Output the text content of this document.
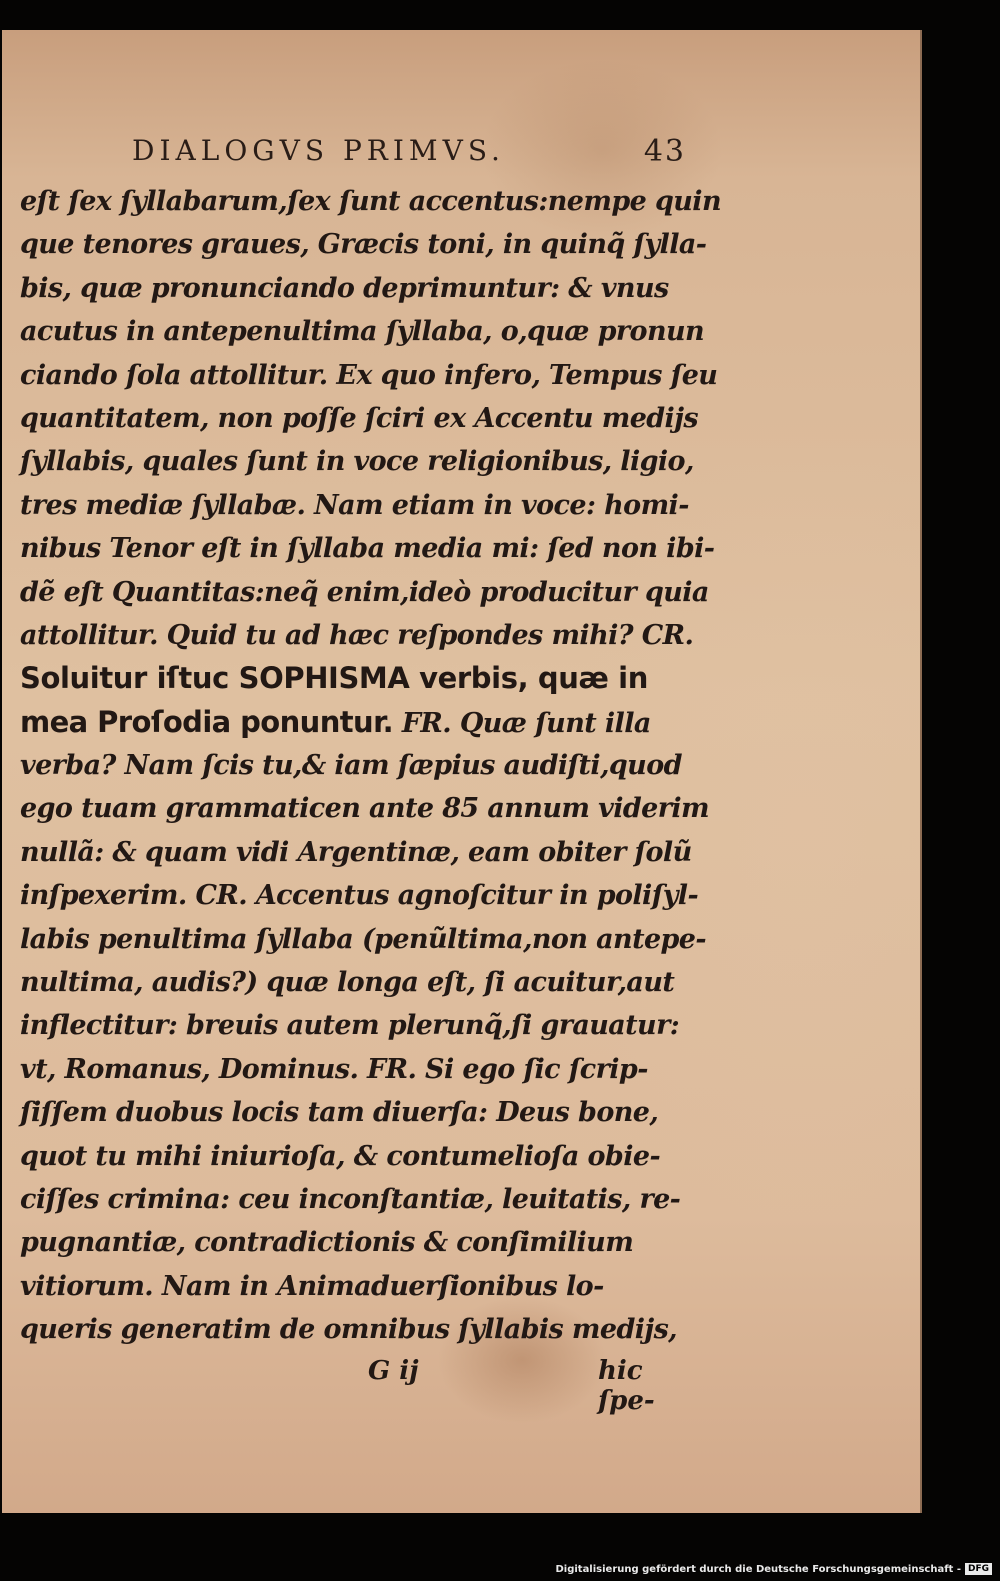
DIALOGVS PRIMVS.	43
eſt ſex ſyllabarum,ſex ſunt accentus:nempe quin
que tenores graues, Græcis toni, in quinq̃ ſylla-
bis, quæ pronunciando deprimuntur: & vnus
acutus in antepenultima ſyllaba, o,quæ pronun
ciando ſola attollitur. Ex quo infero, Tempus ſeu
quantitatem, non poſſe ſciri ex Accentu medijs
ſyllabis, quales ſunt in voce religionibus, ligio,
tres mediæ ſyllabæ. Nam etiam in voce: homi-
nibus Tenor eſt in ſyllaba media mi: ſed non ibi-
dẽ eſt Quantitas:neq̃ enim,ideò producitur quia
attollitur. Quid tu ad hæc reſpondes mihi? CR.
Soluitur iſtuc SOPHISMA verbis, quæ in
mea Proſodia ponuntur. FR. Quæ ſunt illa
verba? Nam ſcis tu,& iam ſæpius audiſti,quod
ego tuam grammaticen ante 85 annum viderim
nullã: & quam vidi Argentinæ, eam obiter ſolũ
inſpexerim. CR. Accentus agnoſcitur in poliſyl-
labis penultima ſyllaba (penũltima,non antepe-
nultima, audis?) quæ longa eſt, ſi acuitur,aut
inflectitur: breuis autem plerunq̃,ſi grauatur:
vt, Romanus, Dominus. FR. Si ego ſic ſcrip-
ſiſſem duobus locis tam diuerſa: Deus bone,
quot tu mihi iniurioſa, & contumelioſa obie-
ciſſes crimina: ceu inconſtantiæ, leuitatis, re-
pugnantiæ, contradictionis & conſimilium
vitiorum. Nam in Animaduerſionibus lo-
queris generatim de omnibus ſyllabis medijs,
G ij	hic ſpe-
Digitalisierung gefördert durch die Deutsche Forschungsgemeinschaft - DFG
